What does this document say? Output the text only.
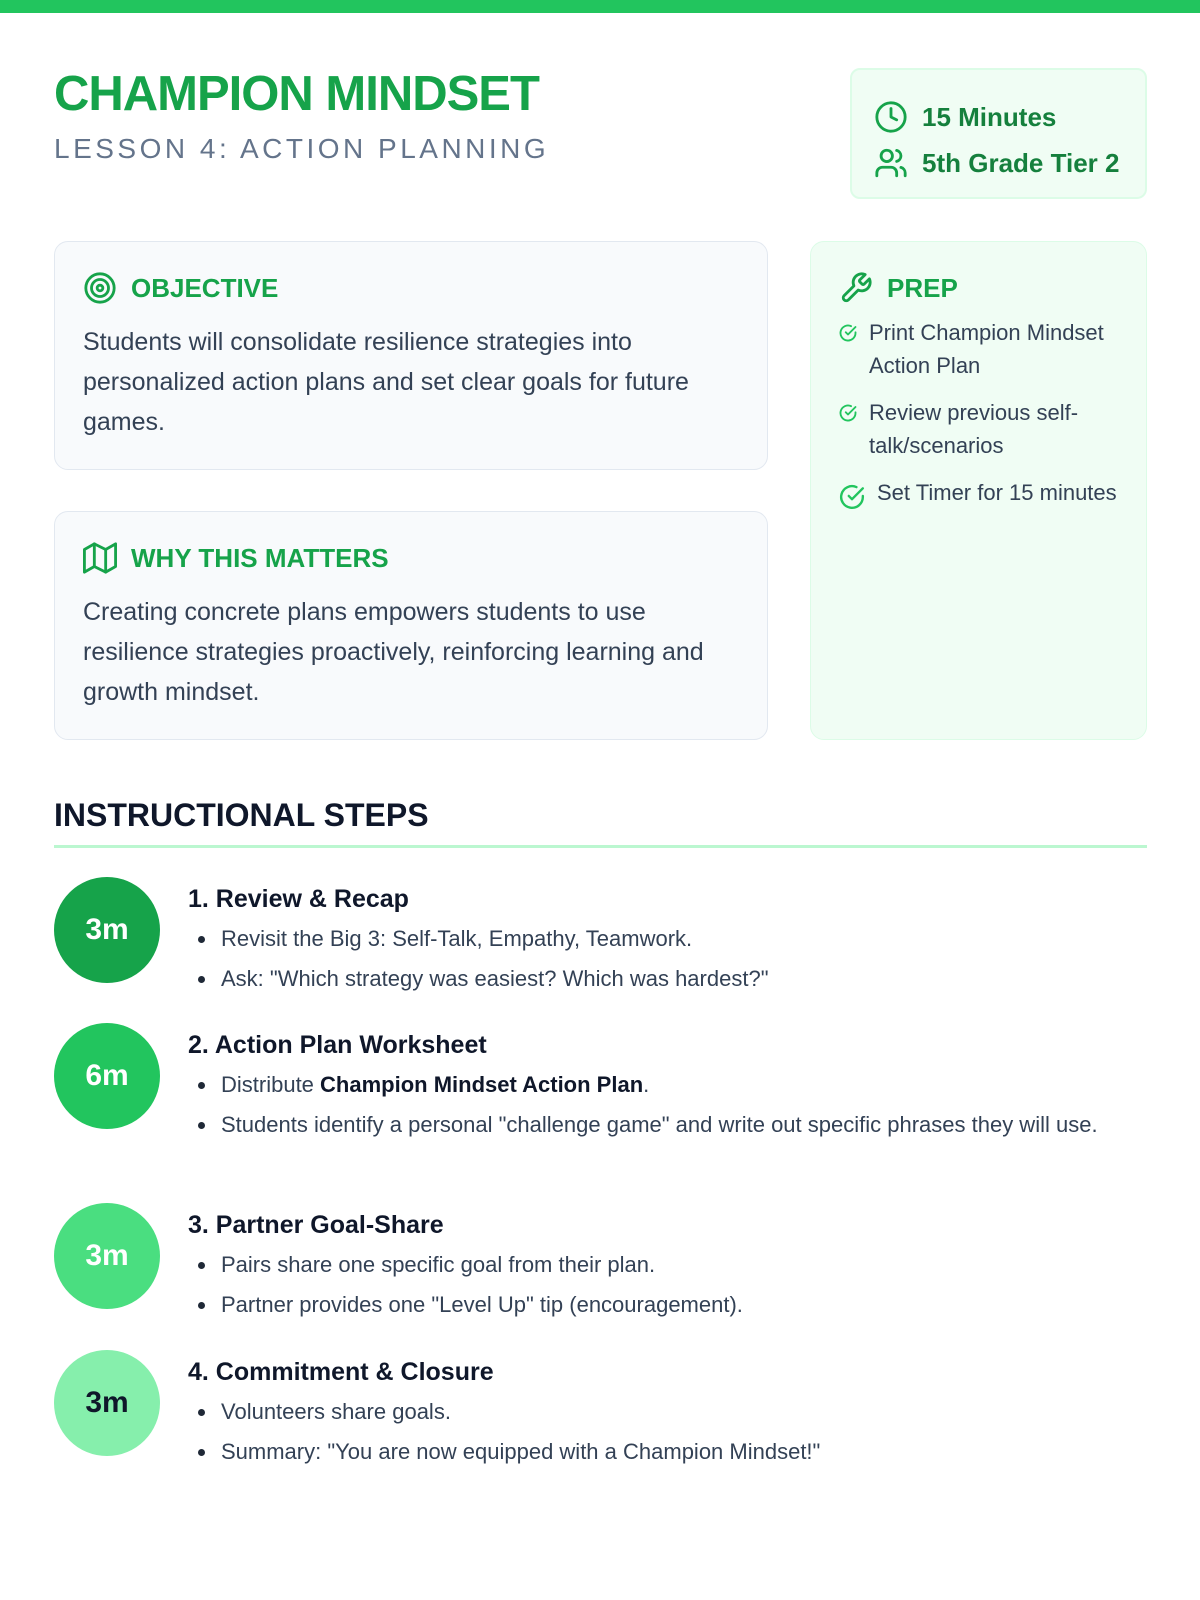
CHAMPION MINDSET
LESSON 4: ACTION PLANNING
15 Minutes
5th Grade Tier 2
OBJECTIVE

Students will consolidate resilience strategies into personalized action plans and set clear goals for future games.

WHY THIS MATTERS

Creating concrete plans empowers students to use resilience strategies proactively, reinforcing learning and growth mindset.

PREP
Print Champion Mindset Action Plan
Review previous self-talk/scenarios
Set Timer for 15 minutes
INSTRUCTIONAL STEPS
3m
1. Review & Recap
Revisit the Big 3: Self-Talk, Empathy, Teamwork.
Ask: "Which strategy was easiest? Which was hardest?"
6m
2. Action Plan Worksheet
Distribute Champion Mindset Action Plan.
Students identify a personal "challenge game" and write out specific phrases they will use.
3m
3. Partner Goal-Share
Pairs share one specific goal from their plan.
Partner provides one "Level Up" tip (encouragement).
3m
4. Commitment & Closure
Volunteers share goals.
Summary: "You are now equipped with a Champion Mindset!"
